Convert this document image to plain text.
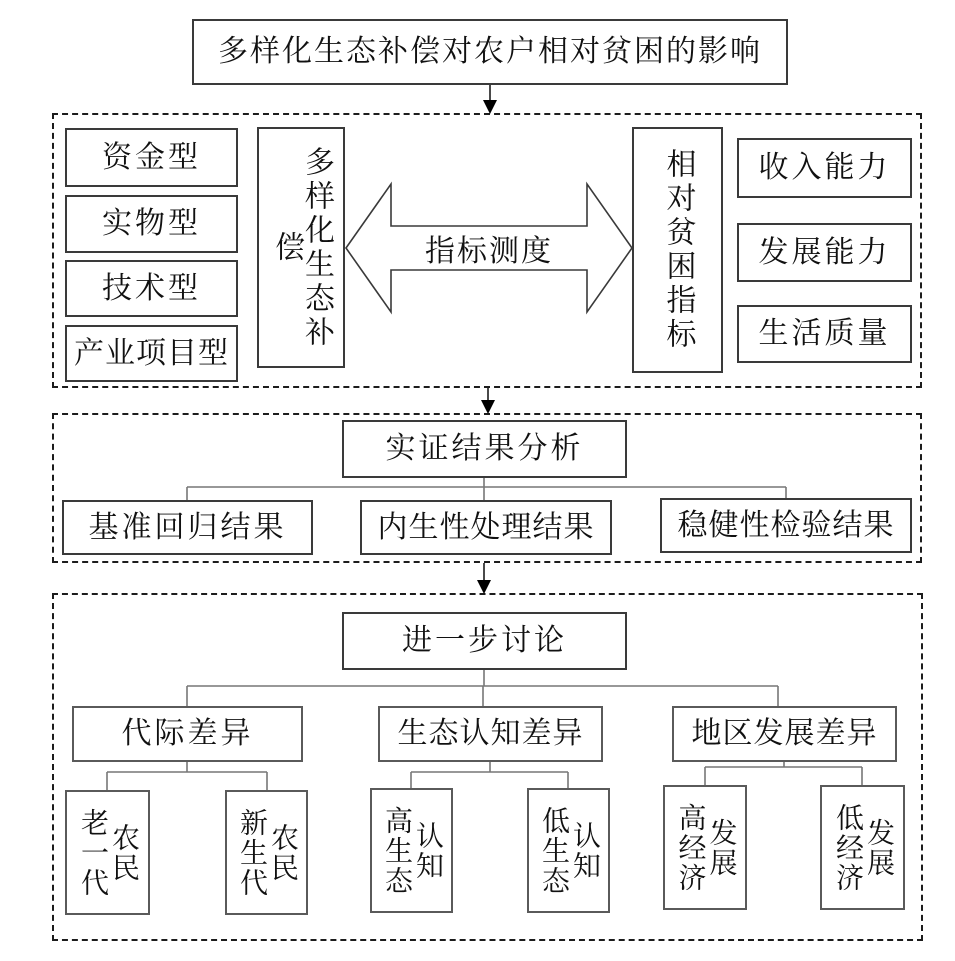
多样化生态补偿对农户相对贫困的影响
资金型
实物型
技术型
产业项目型
多样化生态补偿	指标测度	相对贫困指标 收入能力
发展能力
生活质量
实证结果分析
基准回归结果	内生性处理结果	稳健性检验结果
进一步讨论
代际差异	生态认知差异	地区发展差异
老一代 农民	新生代 农民	高生态 认知	低生态 认知	高经济 发展	低经济 发展
